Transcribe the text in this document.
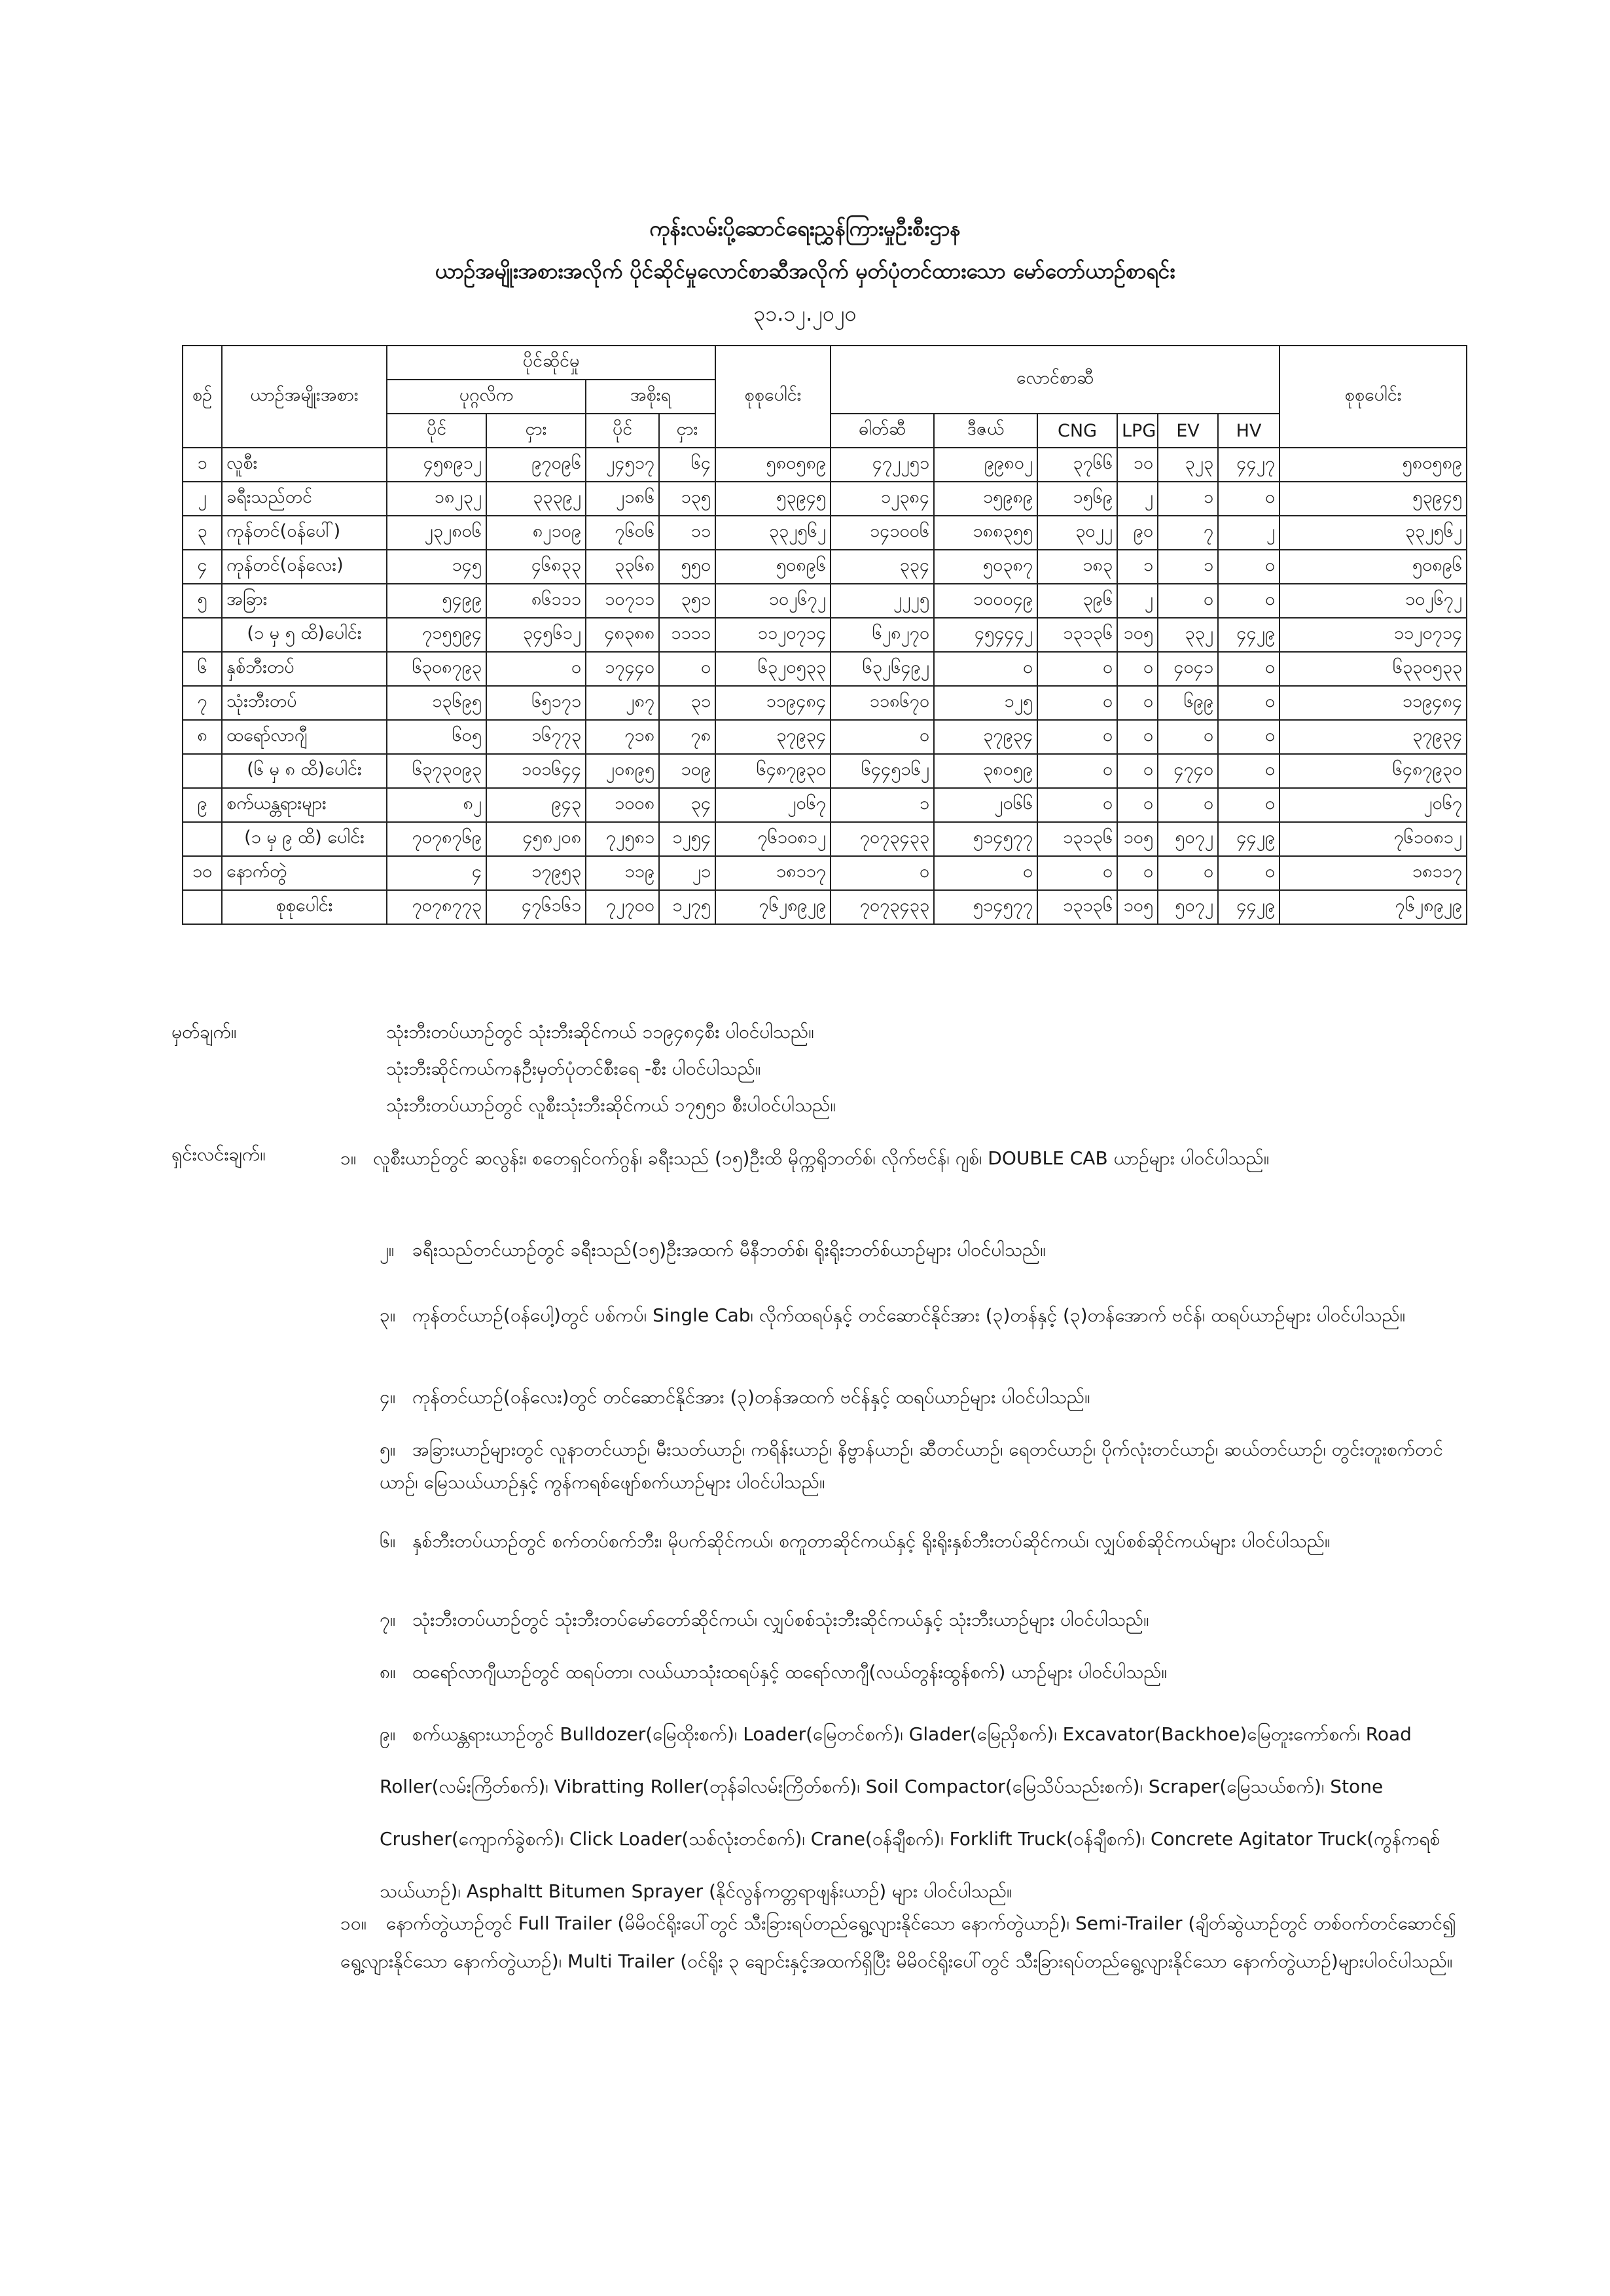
ကုန်းလမ်းပို့ဆောင်ရေးညွှန်ကြားမှုဦးစီးဌာန
ယာဉ်အမျိုးအစားအလိုက် ပိုင်ဆိုင်မှုလောင်စာဆီအလိုက် မှတ်ပုံတင်ထားသော မော်တော်ယာဉ်စာရင်း
၃၁.၁၂.၂၀၂၀
စဉ်	ယာဉ်အမျိုးအစား	ပိုင်ဆိုင်မှု				စုစုပေါင်း	လောင်စာဆီ						စုစုပေါင်း
		ပုဂ္ဂလိက		အစိုးရ									
		ပိုင်	ငှား	ပိုင်	ငှား		ဓါတ်ဆီ	ဒီဇယ်	CNG	LPG	EV	HV	
၁	လူစီး	၄၅၈၉၁၂	၉၇၀၉၆	၂၄၅၁၇	၆၄	၅၈၀၅၈၉	၄၇၂၂၅၁	၉၉၈၀၂	၃၇၆၆	၁၀	၃၂၃	၄၄၂၇	၅၈၀၅၈၉
၂	ခရီးသည်တင်	၁၈၂၃၂	၃၃၃၉၂	၂၁၈၆	၁၃၅	၅၃၉၄၅	၁၂၃၈၄	၁၅၉၈၉	၁၅၆၉	၂	၁	၀	၅၃၉၄၅
၃	ကုန်တင်(ဝန်ပေါ်)	၂၃၂၈၀၆	၈၂၁၀၉	၇၆၀၆	၁၁	၃၃၂၅၆၂	၁၄၁၀၀၆	၁၈၈၃၅၅	၃၀၂၂	၉၀	၇	၂	၃၃၂၅၆၂
၄	ကုန်တင်(ဝန်လေး)	၁၄၅	၄၆၈၃၃	၃၃၆၈	၅၅၀	၅၀၈၉၆	၃၃၄	၅၀၃၈၇	၁၈၃	၁	၁	၀	၅၀၈၉၆
၅	အခြား	၅၄၉၉	၈၆၁၁၁	၁၀၇၁၁	၃၅၁	၁၀၂၆၇၂	၂၂၂၅	၁၀၀၀၄၉	၃၉၆	၂	၀	၀	၁၀၂၆၇၂
	(၁ မှ ၅ ထိ)ပေါင်း	၇၁၅၅၉၄	၃၄၅၆၁၂	၄၈၃၈၈	၁၁၁၁	၁၁၂၀၇၁၄	၆၂၈၂၇၀	၄၅၄၄၄၂	၁၃၁၃၆	၁၀၅	၃၃၂	၄၄၂၉	၁၁၂၀၇၁၄
၆	နှစ်ဘီးတပ်	၆၃၀၈၇၉၃	၀	၁၇၄၄၀	၀	၆၃၂၀၅၃၃	၆၃၂၆၄၉၂	၀	၀	၀	၄၀၄၁	၀	၆၃၃၀၅၃၃
၇	သုံးဘီးတပ်	၁၃၆၉၅	၆၅၁၇၁	၂၈၇	၃၁	၁၁၉၄၈၄	၁၁၈၆၇၀	၁၂၅	၀	၀	၆၉၉	၀	၁၁၉၄၈၄
၈	ထရော်လာဂျီ	၆၀၅	၁၆၇၇၃	၇၁၈	၇၈	၃၇၉၃၄	၀	၃၇၉၃၄	၀	၀	၀	၀	၃၇၉၃၄
	(၆ မှ ၈ ထိ)ပေါင်း	၆၃၇၃၀၉၃	၁၀၁၆၄၄	၂၀၈၉၅	၁၀၉	၆၄၈၇၉၃၀	၆၄၄၅၁၆၂	၃၈၀၅၉	၀	၀	၄၇၄၀	၀	၆၄၈၇၉၃၀
၉	စက်ယန္တရားများ	၈၂	၉၄၃	၁၀၀၈	၃၄	၂၀၆၇	၁	၂၀၆၆	၀	၀	၀	၀	၂၀၆၇
	(၁ မှ ၉ ထိ) ပေါင်း	၇၀၇၈၇၆၉	၄၅၈၂၀၈	၇၂၅၈၁	၁၂၅၄	၇၆၁၀၈၁၂	၇၀၇၃၄၃၃	၅၁၄၅၇၇	၁၃၁၃၆	၁၀၅	၅၀၇၂	၄၄၂၉	၇၆၁၀၈၁၂
၁၀	နောက်တွဲ	၄	၁၇၉၅၃	၁၁၉	၂၁	၁၈၁၁၇	၀	၀	၀	၀	၀	၀	၁၈၁၁၇
	စုစုပေါင်း	၇၀၇၈၇၇၃	၄၇၆၁၆၁	၇၂၇၀၀	၁၂၇၅	၇၆၂၈၉၂၉	၇၀၇၃၄၃၃	၅၁၄၅၇၇	၁၃၁၃၆	၁၀၅	၅၀၇၂	၄၄၂၉	၇၆၂၈၉၂၉
မှတ်ချက်။	သုံးဘီးတပ်ယာဉ်တွင် သုံးဘီးဆိုင်ကယ် ၁၁၉၄၈၄စီး ပါဝင်ပါသည်။
သုံးဘီးဆိုင်ကယ်ကနဦးမှတ်ပုံတင်စီးရေ -စီး ပါဝင်ပါသည်။
သုံးဘီးတပ်ယာဉ်တွင် လူစီးသုံးဘီးဆိုင်ကယ် ၁၇၅၅၁ စီးပါဝင်ပါသည်။
ရှင်းလင်းချက်။	၁။ လူစီးယာဉ်တွင် ဆလွန်း၊ စတေရှင်ဝက်ဂွန်၊ ခရီးသည် (၁၅)ဦးထိ မိုက္ကရိုဘတ်စ်၊ လိုက်ဗင်န်၊ ဂျစ်၊ DOUBLE CAB ယာဉ်များ ပါဝင်ပါသည်။
၂။ ခရီးသည်တင်ယာဉ်တွင် ခရီးသည်(၁၅)ဦးအထက် မီနီဘတ်စ်၊ ရိုးရိုးဘတ်စ်ယာဉ်များ ပါဝင်ပါသည်။
၃။ ကုန်တင်ယာဉ်(ဝန်ပေါ့)တွင် ပစ်ကပ်၊ Single Cab၊ လိုက်ထရပ်နှင့် တင်ဆောင်နိုင်အား (၃)တန်နှင့် (၃)တန်အောက် ဗင်န်၊ ထရပ်ယာဉ်များ ပါဝင်ပါသည်။
၄။ ကုန်တင်ယာဉ်(ဝန်လေး)တွင် တင်ဆောင်နိုင်အား (၃)တန်အထက် ဗင်န်နှင့် ထရပ်ယာဉ်များ ပါဝင်ပါသည်။
၅။ အခြားယာဉ်များတွင် လူနာတင်ယာဉ်၊ မီးသတ်ယာဉ်၊ ကရိန်းယာဉ်၊ နိဗ္ဗာန်ယာဉ်၊ ဆီတင်ယာဉ်၊ ရေတင်ယာဉ်၊ ပိုက်လုံးတင်ယာဉ်၊ ဆယ်တင်ယာဉ်၊ တွင်းတူးစက်တင်ယာဉ်၊ မြေသယ်ယာဉ်နှင့် ကွန်ကရစ်ဖျော်စက်ယာဉ်များ ပါဝင်ပါသည်။
၆။ နှစ်ဘီးတပ်ယာဉ်တွင် စက်တပ်စက်ဘီး၊ မိုပက်ဆိုင်ကယ်၊ စကူတာဆိုင်ကယ်နှင့် ရိုးရိုးနှစ်ဘီးတပ်ဆိုင်ကယ်၊ လျှပ်စစ်ဆိုင်ကယ်များ ပါဝင်ပါသည်။
၇။ သုံးဘီးတပ်ယာဉ်တွင် သုံးဘီးတပ်မော်တော်ဆိုင်ကယ်၊ လျှပ်စစ်သုံးဘီးဆိုင်ကယ်နှင့် သုံးဘီးယာဉ်များ ပါဝင်ပါသည်။
၈။ ထရော်လာဂျီယာဉ်တွင် ထရပ်တာ၊ လယ်ယာသုံးထရပ်နှင့် ထရော်လာဂျီ(လယ်တွန်းထွန်စက်) ယာဉ်များ ပါဝင်ပါသည်။
၉။ စက်ယန္တရားယာဉ်တွင် Bulldozer(မြေထိုးစက်)၊ Loader(မြေတင်စက်)၊ Glader(မြေညှိစက်)၊ Excavator(Backhoe)မြေတူးကော်စက်၊ Road Roller(လမ်းကြိတ်စက်)၊ Vibratting Roller(တုန်ခါလမ်းကြိတ်စက်)၊ Soil Compactor(မြေသိပ်သည်းစက်)၊ Scraper(မြေသယ်စက်)၊ Stone Crusher(ကျောက်ခွဲစက်)၊ Click Loader(သစ်လုံးတင်စက်)၊ Crane(ဝန်ချီစက်)၊ Forklift Truck(ဝန်ချီစက်)၊ Concrete Agitator Truck(ကွန်ကရစ်သယ်ယာဉ်)၊ Asphaltt Bitumen Sprayer (နိုင်လွန်ကတ္တရာဖျန်းယာဉ်) များ ပါဝင်ပါသည်။
၁၀။ နောက်တွဲယာဉ်တွင် Full Trailer (မိမိဝင်ရိုးပေါ်တွင် သီးခြားရပ်တည်ရွေ့လျားနိုင်သော နောက်တွဲယာဉ်)၊ Semi-Trailer (ချိတ်ဆွဲယာဉ်တွင် တစ်ဝက်တင်ဆောင်၍ ရွေ့လျားနိုင်သော နောက်တွဲယာဉ်)၊ Multi Trailer (ဝင်ရိုး ၃ ချောင်းနှင့်အထက်ရှိပြီး မိမိဝင်ရိုးပေါ်တွင် သီးခြားရပ်တည်ရွေ့လျားနိုင်သော နောက်တွဲယာဉ်)များပါဝင်ပါသည်။
